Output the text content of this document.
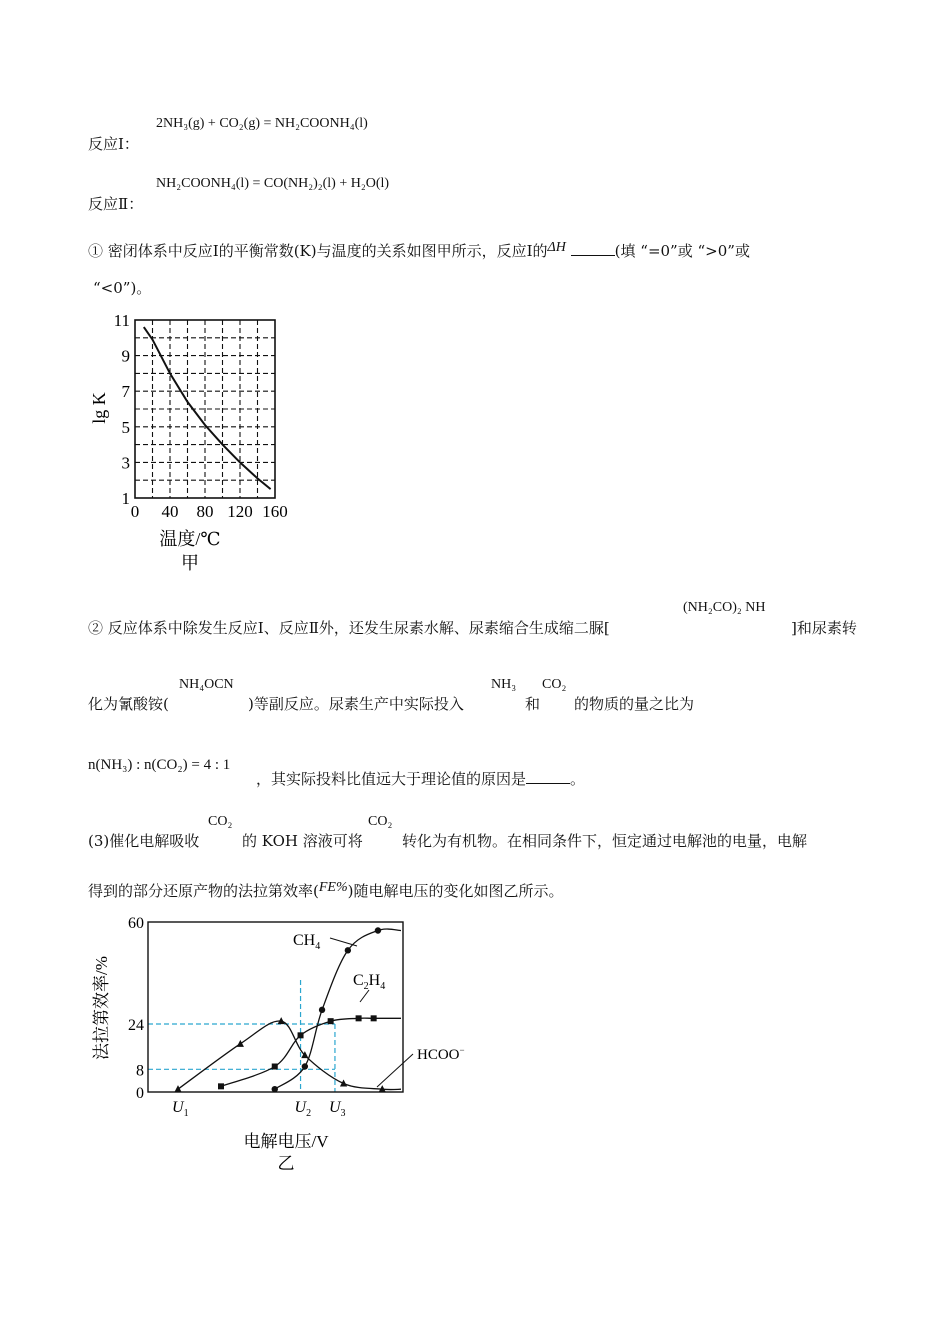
反应Ⅰ：
2NH₃(g) + CO₂(g) = NH₂COONH₄(l)
反应Ⅱ：
NH₂COONH₄(l) = CO(NH₂)₂(l) + H₂O(l)
① 密闭体系中反应Ⅰ的平衡常数(K)与温度的关系如图甲所示，反应Ⅰ的ΔH	(填 “=0”或 “>0”或
“<0”)。
1
3
5
7
9
11
0 40 80 120 160
lg K
温度/℃
甲
② 反应体系中除发生反应Ⅰ、反应Ⅱ外，还发生尿素水解、尿素缩合生成缩二脲[
(NH₂CO)₂ NH
]和尿素转
化为氰酸铵(
NH₄OCN
)等副反应。尿素生产中实际投入
NH₃
和
CO₂
的物质的量之比为
n(NH₃) : n(CO₂) = 4 : 1
，其实际投料比值远大于理论值的原因是	。
(3)催化电解吸收
CO₂
的 KOH 溶液可将
CO₂
转化为有机物。在相同条件下，恒定通过电解池的电量，电解
得到的部分还原产物的法拉第效率(FE%)随电解电压的变化如图乙所示。
0
8
24
60
$U_1$	$U_2$ $U_3$
$CH_4$
$C_2H_4$
HCOO−
法拉第效率/%
电解电压/V
乙
